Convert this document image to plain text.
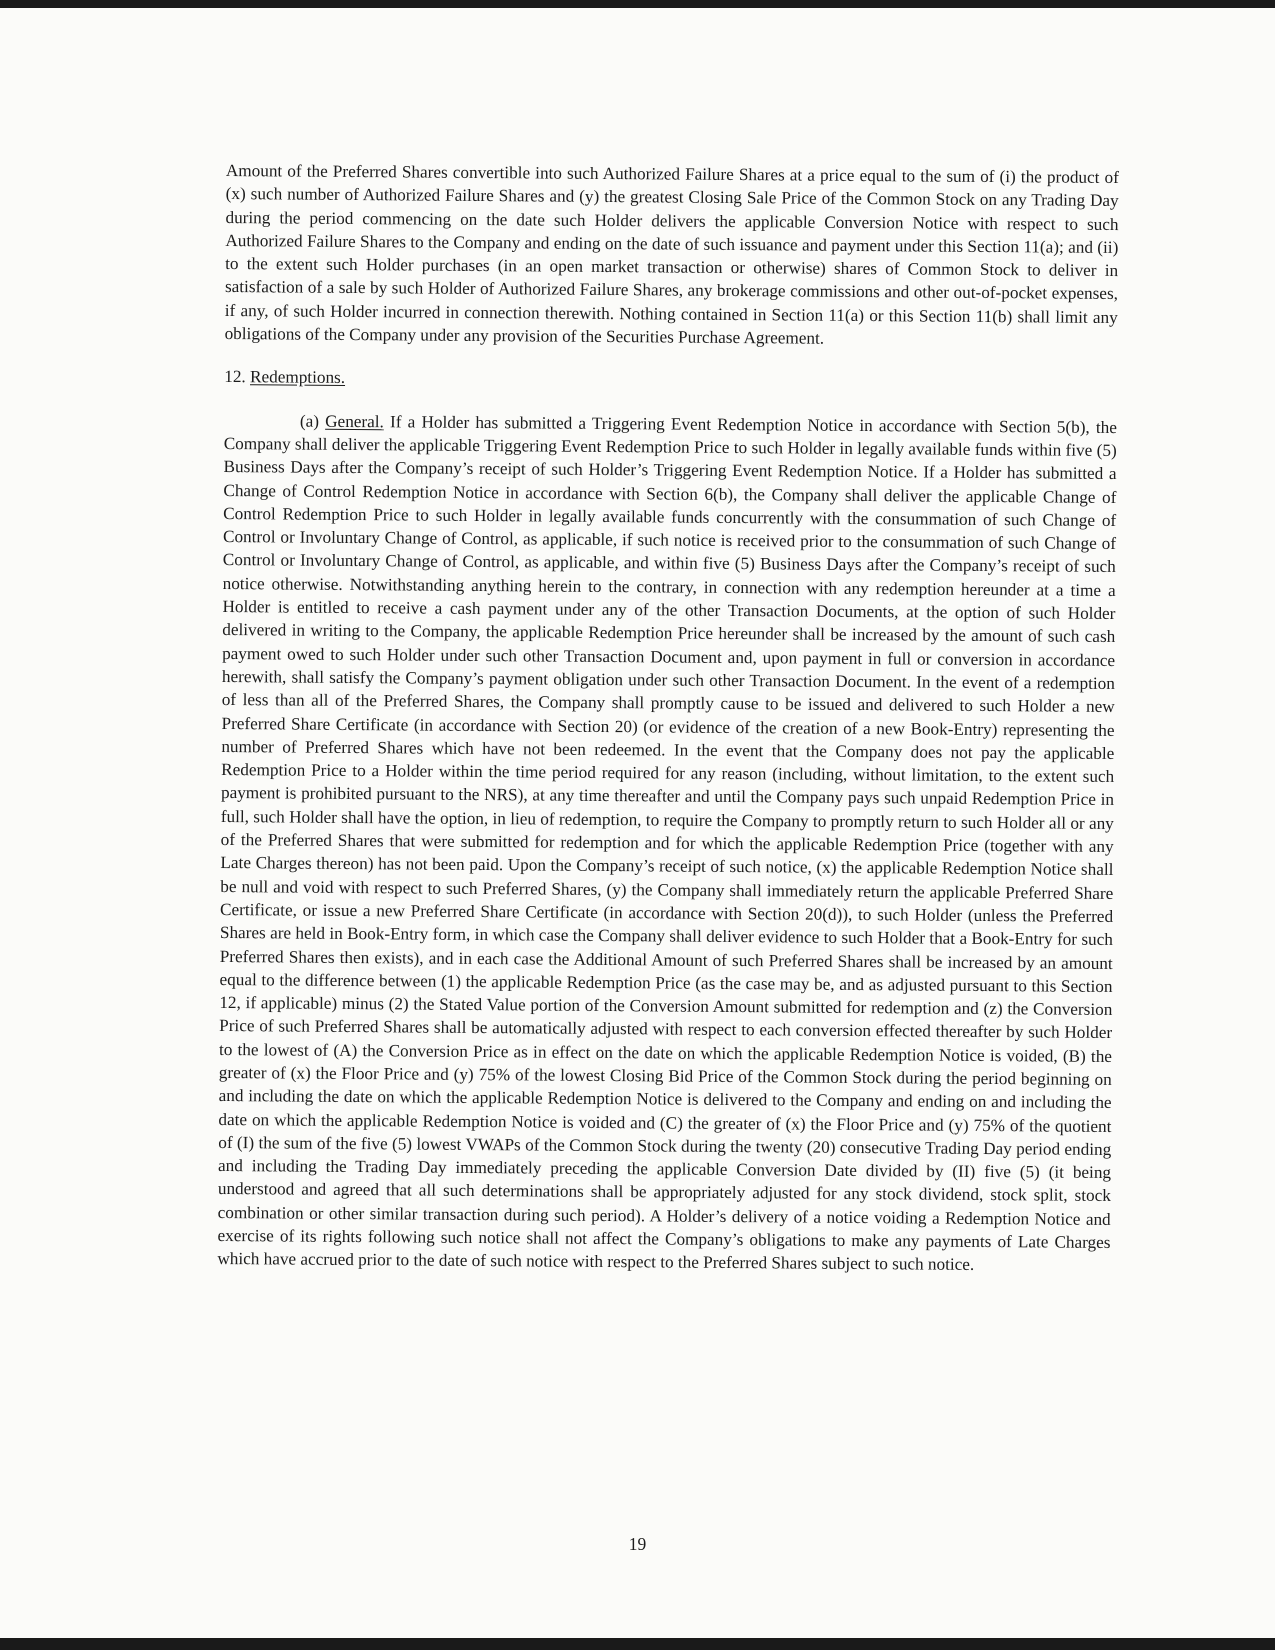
Amount of the Preferred Shares convertible into such Authorized Failure Shares at a price equal to the sum of (i) the product of (x) such number of Authorized Failure Shares and (y) the greatest Closing Sale Price of the Common Stock on any Trading Day during the period commencing on the date such Holder delivers the applicable Conversion Notice with respect to such Authorized Failure Shares to the Company and ending on the date of such issuance and payment under this Section 11(a); and (ii) to the extent such Holder purchases (in an open market transaction or otherwise) shares of Common Stock to deliver in satisfaction of a sale by such Holder of Authorized Failure Shares, any brokerage commissions and other out-of-pocket expenses, if any, of such Holder incurred in connection therewith. Nothing contained in Section 11(a) or this Section 11(b) shall limit any obligations of the Company under any provision of the Securities Purchase Agreement.

12. Redemptions.

(a) General. If a Holder has submitted a Triggering Event Redemption Notice in accordance with Section 5(b), the Company shall deliver the applicable Triggering Event Redemption Price to such Holder in legally available funds within five (5) Business Days after the Company’s receipt of such Holder’s Triggering Event Redemption Notice. If a Holder has submitted a Change of Control Redemption Notice in accordance with Section 6(b), the Company shall deliver the applicable Change of Control Redemption Price to such Holder in legally available funds concurrently with the consummation of such Change of Control or Involuntary Change of Control, as applicable, if such notice is received prior to the consummation of such Change of Control or Involuntary Change of Control, as applicable, and within five (5) Business Days after the Company’s receipt of such notice otherwise. Notwithstanding anything herein to the contrary, in connection with any redemption hereunder at a time a Holder is entitled to receive a cash payment under any of the other Transaction Documents, at the option of such Holder delivered in writing to the Company, the applicable Redemption Price hereunder shall be increased by the amount of such cash payment owed to such Holder under such other Transaction Document and, upon payment in full or conversion in accordance herewith, shall satisfy the Company’s payment obligation under such other Transaction Document. In the event of a redemption of less than all of the Preferred Shares, the Company shall promptly cause to be issued and delivered to such Holder a new Preferred Share Certificate (in accordance with Section 20) (or evidence of the creation of a new Book-Entry) representing the number of Preferred Shares which have not been redeemed. In the event that the Company does not pay the applicable Redemption Price to a Holder within the time period required for any reason (including, without limitation, to the extent such payment is prohibited pursuant to the NRS), at any time thereafter and until the Company pays such unpaid Redemption Price in full, such Holder shall have the option, in lieu of redemption, to require the Company to promptly return to such Holder all or any of the Preferred Shares that were submitted for redemption and for which the applicable Redemption Price (together with any Late Charges thereon) has not been paid. Upon the Company’s receipt of such notice, (x) the applicable Redemption Notice shall be null and void with respect to such Preferred Shares, (y) the Company shall immediately return the applicable Preferred Share Certificate, or issue a new Preferred Share Certificate (in accordance with Section 20(d)), to such Holder (unless the Preferred Shares are held in Book-Entry form, in which case the Company shall deliver evidence to such Holder that a Book-Entry for such Preferred Shares then exists), and in each case the Additional Amount of such Preferred Shares shall be increased by an amount equal to the difference between (1) the applicable Redemption Price (as the case may be, and as adjusted pursuant to this Section 12, if applicable) minus (2) the Stated Value portion of the Conversion Amount submitted for redemption and (z) the Conversion Price of such Preferred Shares shall be automatically adjusted with respect to each conversion effected thereafter by such Holder to the lowest of (A) the Conversion Price as in effect on the date on which the applicable Redemption Notice is voided, (B) the greater of (x) the Floor Price and (y) 75% of the lowest Closing Bid Price of the Common Stock during the period beginning on and including the date on which the applicable Redemption Notice is delivered to the Company and ending on and including the date on which the applicable Redemption Notice is voided and (C) the greater of (x) the Floor Price and (y) 75% of the quotient of (I) the sum of the five (5) lowest VWAPs of the Common Stock during the twenty (20) consecutive Trading Day period ending and including the Trading Day immediately preceding the applicable Conversion Date divided by (II) five (5) (it being understood and agreed that all such determinations shall be appropriately adjusted for any stock dividend, stock split, stock combination or other similar transaction during such period). A Holder’s delivery of a notice voiding a Redemption Notice and exercise of its rights following such notice shall not affect the Company’s obligations to make any payments of Late Charges which have accrued prior to the date of such notice with respect to the Preferred Shares subject to such notice.

19
